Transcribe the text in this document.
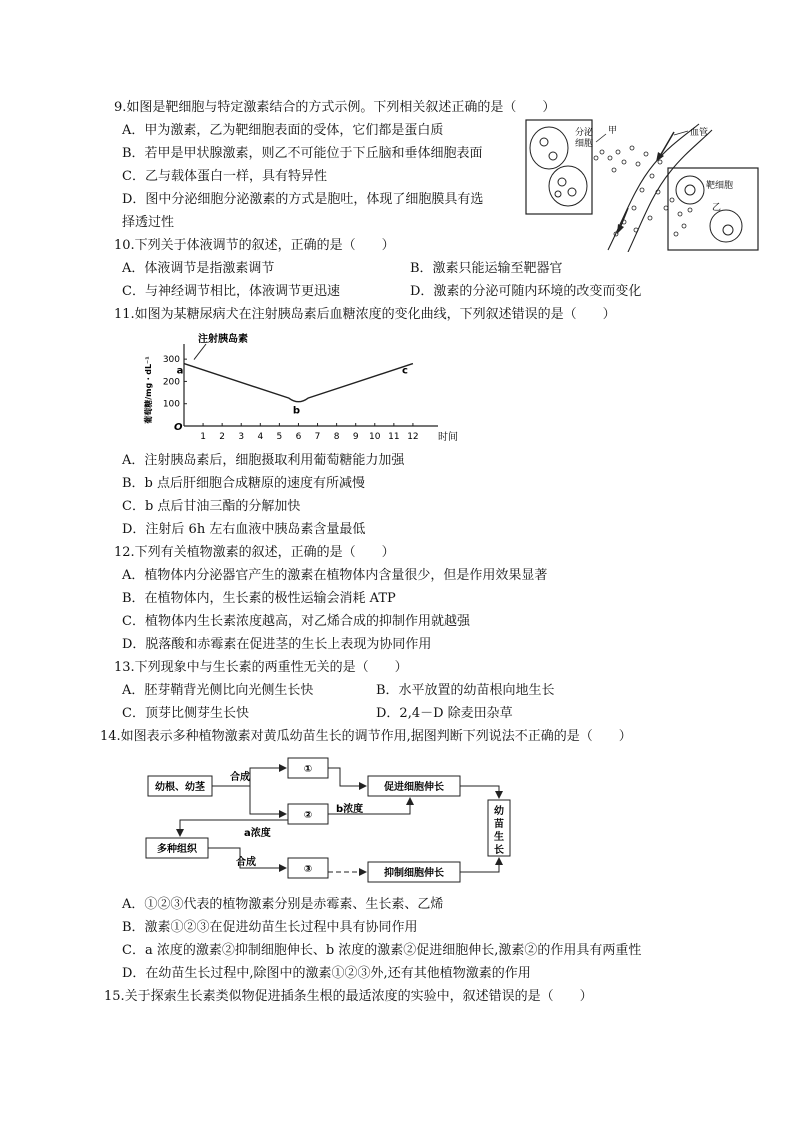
9.如图是靶细胞与特定激素结合的方式示例。下列相关叙述正确的是（　　）
A．甲为激素，乙为靶细胞表面的受体，它们都是蛋白质
B．若甲是甲状腺激素，则乙不可能位于下丘脑和垂体细胞表面
C．乙与载体蛋白一样，具有特异性
D．图中分泌细胞分泌激素的方式是胞吐，体现了细胞膜具有选
择透过性
分泌
细胞
甲	血管
靶细胞
乙
10.下列关于体液调节的叙述，正确的是（　　）
A．体液调节是指激素调节	B．激素只能运输至靶器官
C．与神经调节相比，体液调节更迅速	D．激素的分泌可随内环境的改变而变化
11.如图为某糖尿病犬在注射胰岛素后血糖浓度的变化曲线，下列叙述错误的是（　　）
注射胰岛素
葡萄糖/mg・dL⁻¹
O
时间
1 2 3 4 5 6 7 8 9 10 11 12
100
200
300
a
b
c
A．注射胰岛素后，细胞摄取利用葡萄糖能力加强
B．b 点后肝细胞合成糖原的速度有所减慢
C．b 点后甘油三酯的分解加快
D．注射后 6h 左右血液中胰岛素含量最低
12.下列有关植物激素的叙述，正确的是（　　）
A．植物体内分泌器官产生的激素在植物体内含量很少，但是作用效果显著
B．在植物体内，生长素的极性运输会消耗 ATP
C．植物体内生长素浓度越高，对乙烯合成的抑制作用就越强
D．脱落酸和赤霉素在促进茎的生长上表现为协同作用
13.下列现象中与生长素的两重性无关的是（　　）
A．胚芽鞘背光侧比向光侧生长快	B．水平放置的幼苗根向地生长
C．顶芽比侧芽生长快	D．2,4－D 除麦田杂草
14.如图表示多种植物激素对黄瓜幼苗生长的调节作用,据图判断下列说法不正确的是（　　）
幼根、幼茎
①
②
③
促进细胞伸长
抑制细胞伸长
多种组织
幼
苗
生
长
合成
b浓度
a浓度
合成
A．①②③代表的植物激素分别是赤霉素、生长素、乙烯
B．激素①②③在促进幼苗生长过程中具有协同作用
C．a 浓度的激素②抑制细胞伸长、b 浓度的激素②促进细胞伸长,激素②的作用具有两重性
D．在幼苗生长过程中,除图中的激素①②③外,还有其他植物激素的作用
15.关于探索生长素类似物促进插条生根的最适浓度的实验中，叙述错误的是（　　）
